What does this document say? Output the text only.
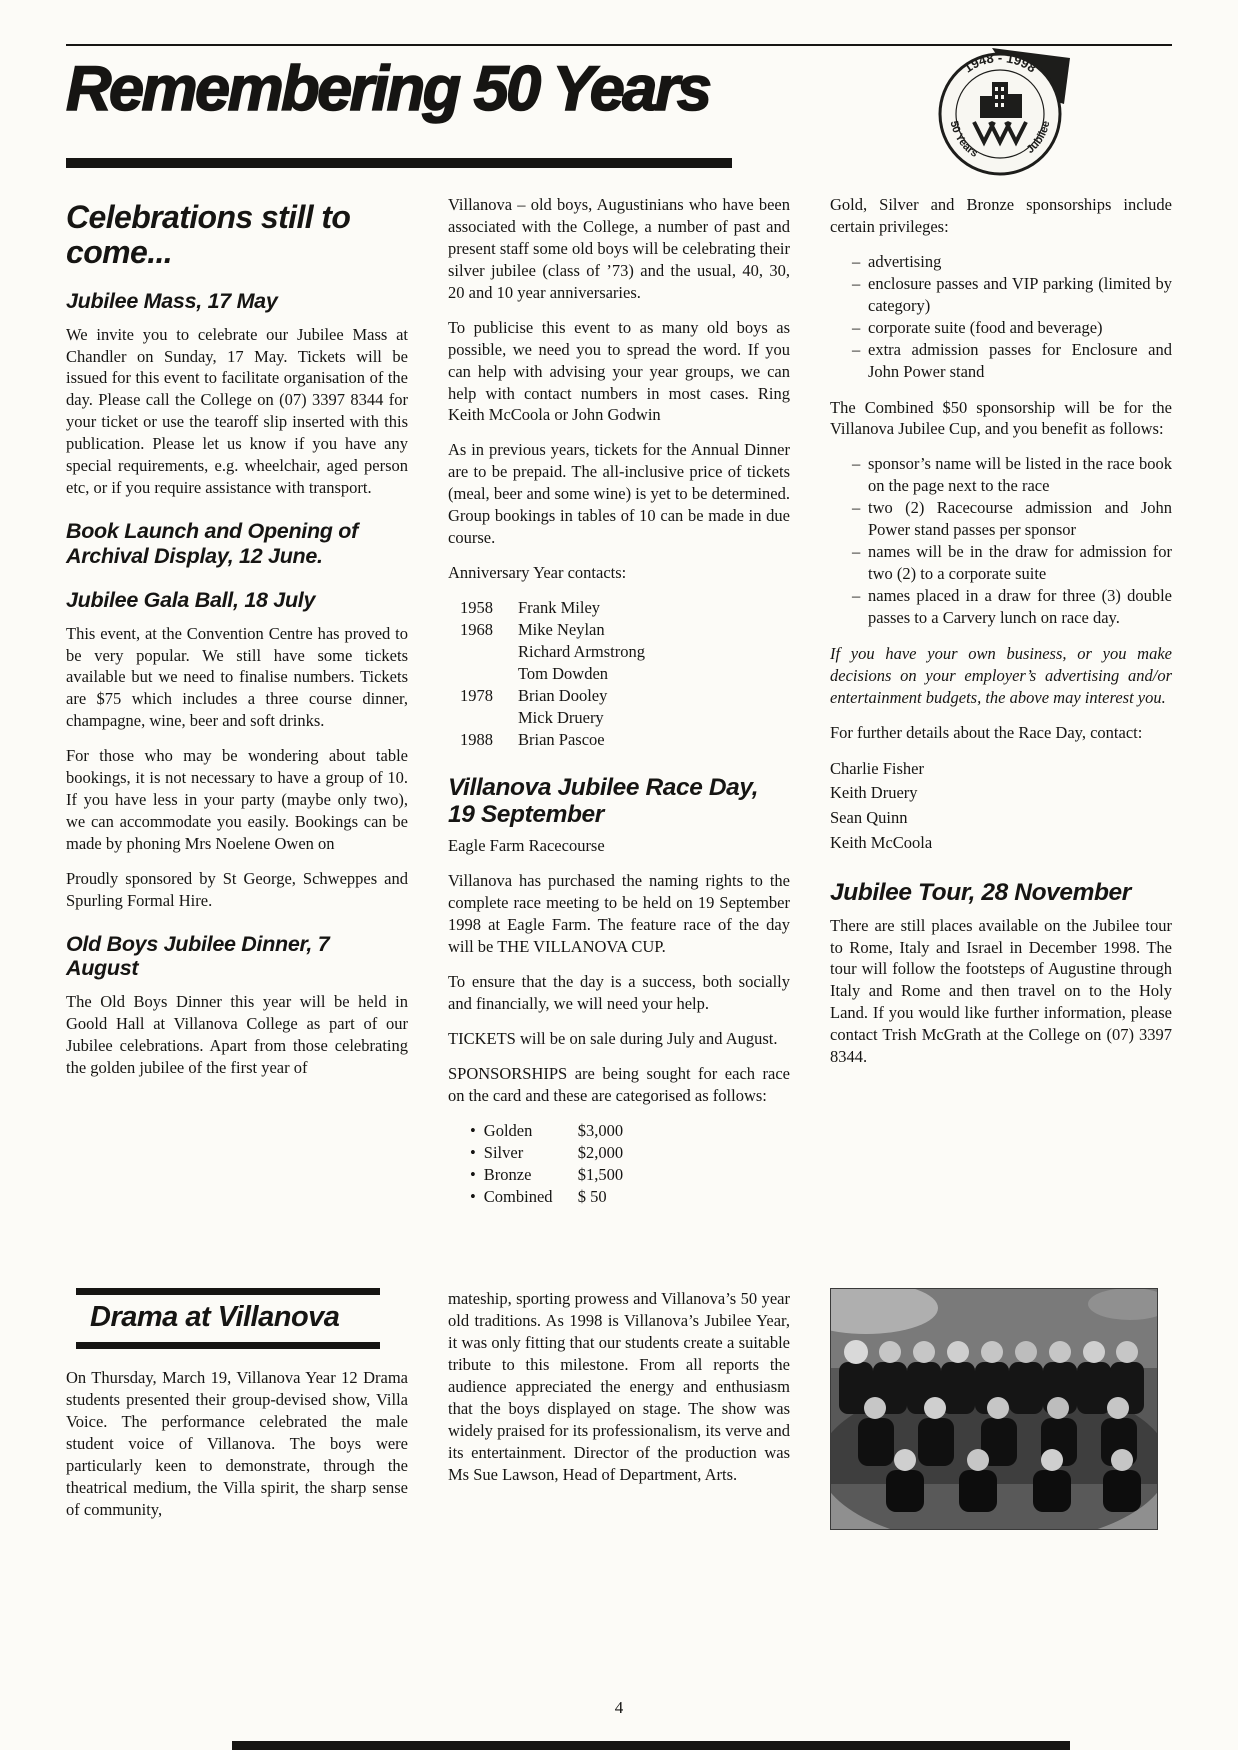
Remembering 50 Years	1948 - 1998
50 Years	Jubilee
Celebrations still to come...
Jubilee Mass, 17 May

We invite you to celebrate our Jubilee Mass at Chandler on Sunday, 17 May. Tickets will be issued for this event to facilitate organisation of the day. Please call the College on (07) 3397 8344 for your ticket or use the tearoff slip inserted with this publication. Please let us know if you have any special requirements, e.g. wheelchair, aged person etc, or if you require assistance with transport.

Book Launch and Opening of Archival Display, 12 June.
Jubilee Gala Ball, 18 July

This event, at the Convention Centre has proved to be very popular. We still have some tickets available but we need to finalise numbers. Tickets are $75 which includes a three course dinner, champagne, wine, beer and soft drinks.

For those who may be wondering about table bookings, it is not necessary to have a group of 10. If you have less in your party (maybe only two), we can accommodate you easily. Bookings can be made by phoning Mrs Noelene Owen on

Proudly sponsored by St George, Schweppes and Spurling Formal Hire.

Old Boys Jubilee Dinner, 7 August

The Old Boys Dinner this year will be held in Goold Hall at Villanova College as part of our Jubilee celebrations. Apart from those celebrating the golden jubilee of the first year of

Villanova – old boys, Augustinians who have been associated with the College, a number of past and present staff some old boys will be celebrating their silver jubilee (class of ’73) and the usual, 40, 30, 20 and 10 year anniversaries.

To publicise this event to as many old boys as possible, we need you to spread the word. If you can help with advising your year groups, we can help with contact numbers in most cases. Ring Keith McCoola or John Godwin

As in previous years, tickets for the Annual Dinner are to be prepaid. The all-inclusive price of tickets (meal, beer and some wine) is yet to be determined. Group bookings in tables of 10 can be made in due course.

Anniversary Year contacts:

1958	Frank Miley
1968	Mike Neylan
Richard Armstrong
Tom Dowden
1978	Brian Dooley
Mick Druery
1988	Brian Pascoe
Villanova Jubilee Race Day, 19 September

Eagle Farm Racecourse

Villanova has purchased the naming rights to the complete race meeting to be held on 19 September 1998 at Eagle Farm. The feature race of the day will be THE VILLANOVA CUP.

To ensure that the day is a success, both socially and financially, we will need your help.

TICKETS will be on sale during July and August.

SPONSORSHIPS are being sought for each race on the card and these are categorised as follows:

• Golden	$3,000
• Silver	$2,000
• Bronze	$1,500
• Combined	$ 50

Gold, Silver and Bronze sponsorships include certain privileges:

– advertising
– enclosure passes and VIP parking (limited by category)
– corporate suite (food and beverage)
– extra admission passes for Enclosure and John Power stand

The Combined $50 sponsorship will be for the Villanova Jubilee Cup, and you benefit as follows:

– sponsor’s name will be listed in the race book on the page next to the race
– two (2) Racecourse admission and John Power stand passes per sponsor
– names will be in the draw for admission for two (2) to a corporate suite
– names placed in a draw for three (3) double passes to a Carvery lunch on race day.

If you have your own business, or you make decisions on your employer’s advertising and/or entertainment budgets, the above may interest you.

For further details about the Race Day, contact:

Charlie Fisher
Keith Druery
Sean Quinn
Keith McCoola
Jubilee Tour, 28 November

There are still places available on the Jubilee tour to Rome, Italy and Israel in December 1998. The tour will follow the footsteps of Augustine through Italy and Rome and then travel on to the Holy Land. If you would like further information, please contact Trish McGrath at the College on (07) 3397 8344.

Drama at Villanova

On Thursday, March 19, Villanova Year 12 Drama students presented their group-devised show, Villa Voice. The performance celebrated the male student voice of Villanova. The boys were particularly keen to demonstrate, through the theatrical medium, the Villa spirit, the sharp sense of community,

mateship, sporting prowess and Villanova’s 50 year old traditions. As 1998 is Villanova’s Jubilee Year, it was only fitting that our students create a suitable tribute to this milestone. From all reports the audience appreciated the energy and enthusiasm that the boys displayed on stage. The show was widely praised for its professionalism, its verve and its entertainment. Director of the production was Ms Sue Lawson, Head of Department, Arts.

4
